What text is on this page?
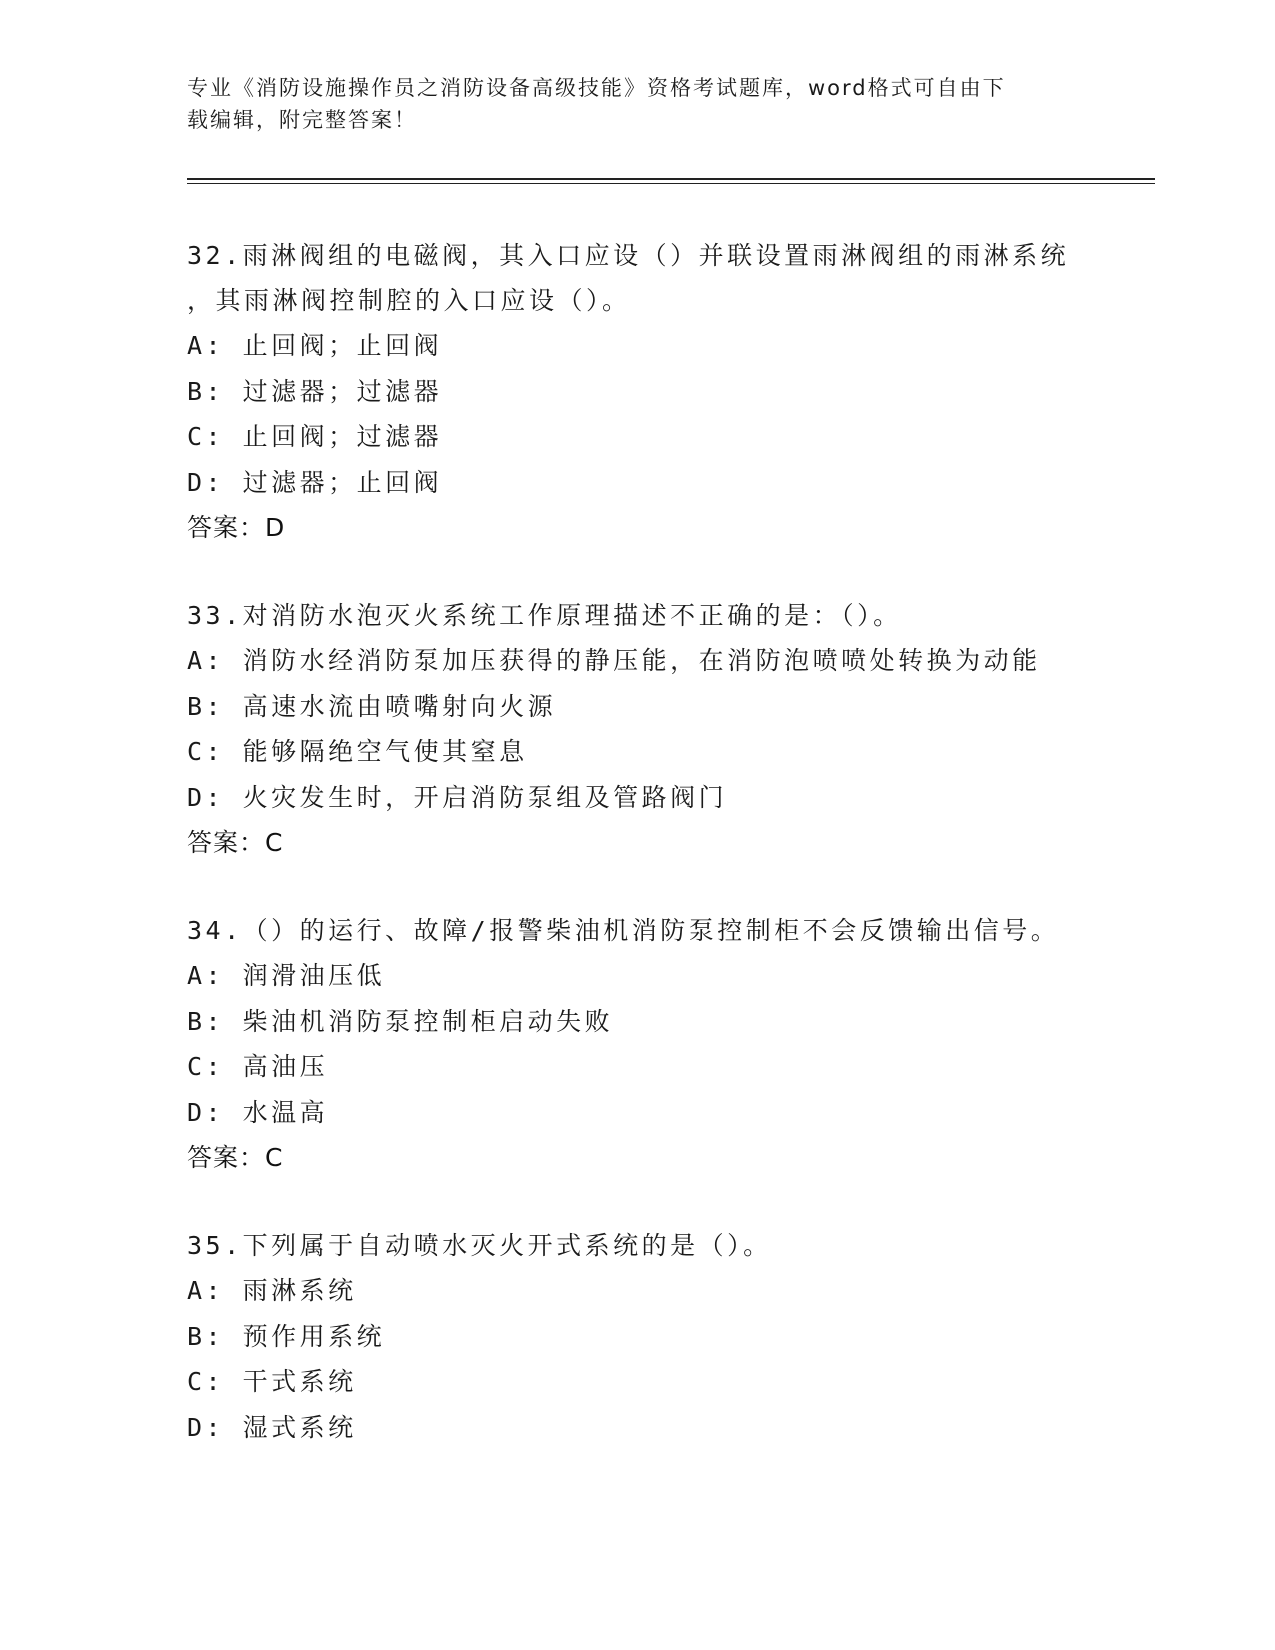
专业《消防设施操作员之消防设备高级技能》资格考试题库，word格式可自由下
载编辑，附完整答案！
32.雨淋阀组的电磁阀，其入口应设（）并联设置雨淋阀组的雨淋系统
，其雨淋阀控制腔的入口应设（）。
A: 止回阀；止回阀
B: 过滤器；过滤器
C: 止回阀；过滤器
D: 过滤器；止回阀
答案：D
33.对消防水泡灭火系统工作原理描述不正确的是：（）。
A: 消防水经消防泵加压获得的静压能，在消防泡喷喷处转换为动能
B: 高速水流由喷嘴射向火源
C: 能够隔绝空气使其窒息
D: 火灾发生时，开启消防泵组及管路阀门
答案：C
34.（）的运行、故障/报警柴油机消防泵控制柜不会反馈输出信号。
A: 润滑油压低
B: 柴油机消防泵控制柜启动失败
C: 高油压
D: 水温高
答案：C
35.下列属于自动喷水灭火开式系统的是（）。
A: 雨淋系统
B: 预作用系统
C: 干式系统
D: 湿式系统
